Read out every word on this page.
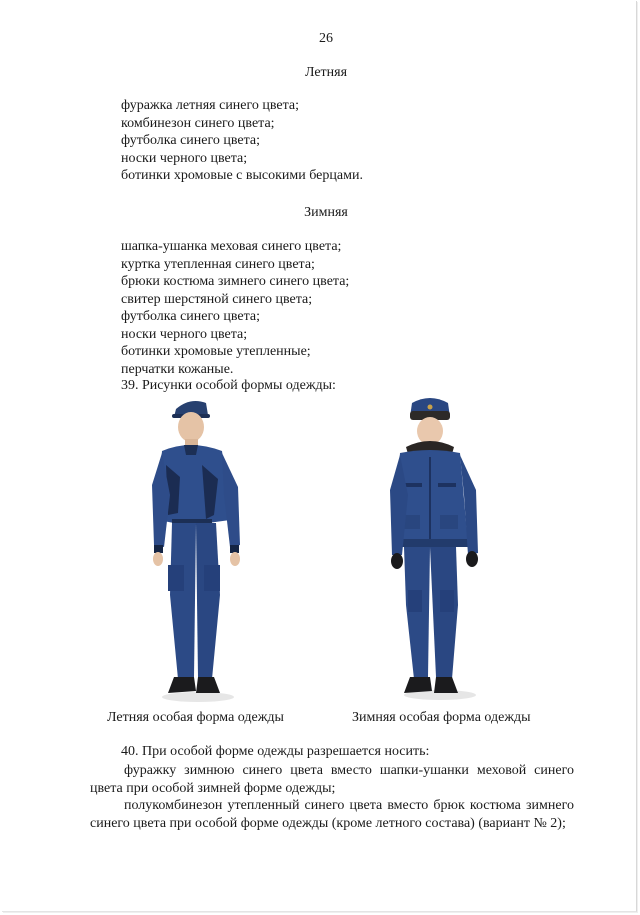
26
Летняя
фуражка летняя синего цвета;
комбинезон синего цвета;
футболка синего цвета;
носки черного цвета;
ботинки хромовые с высокими берцами.
Зимняя
шапка-ушанка меховая синего цвета;
куртка утепленная синего цвета;
брюки костюма зимнего синего цвета;
свитер шерстяной синего цвета;
футболка синего цвета;
носки черного цвета;
ботинки хромовые утепленные;
перчатки кожаные.
39. Рисунки особой формы одежды:
Летняя особая форма одежды	Зимняя особая форма одежды
40. При особой форме одежды разрешается носить:

фуражку зимнюю синего цвета вместо шапки-ушанки меховой синего цвета при особой зимней форме одежды;

полукомбинезон утепленный синего цвета вместо брюк костюма зимнего синего цвета при особой форме одежды (кроме летного состава) (вариант № 2);
